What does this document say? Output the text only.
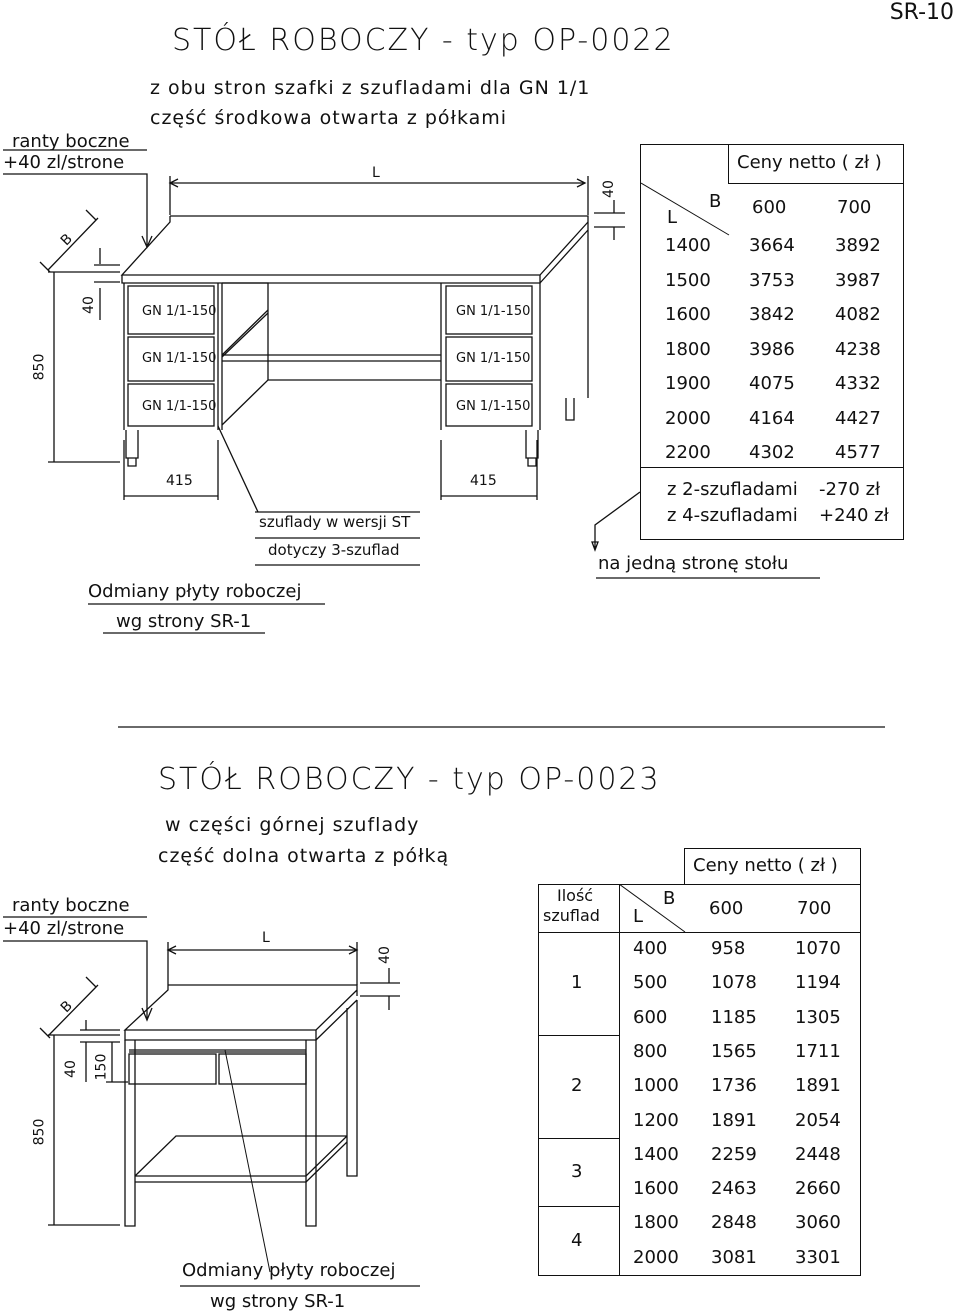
SR-10
STÓŁ ROBOCZY - typ OP-0022
z obu stron szafki z szufladami dla GN 1/1
część środkowa otwarta z półkami
ranty boczne
+40 zl/strone	L
40
B
40
850
GN 1/1-150
GN 1/1-150
GN 1/1-150
GN 1/1-150
GN 1/1-150
GN 1/1-150
415	415
szuflady w wersji ST
dotyczy 3-szuflad
Odmiany płyty roboczej
wg strony SR-1
na jedną stronę stołu
Ceny netto ( zł )
B
L	600	700
1400 3664 3892
1500 3753 3987
1600 3842 4082
1800 3986 4238
1900 4075 4332
2000 4164 4427
2200 4302 4577
z 2-szufladami -270 zł
z 4-szufladami +240 zł
STÓŁ ROBOCZY - typ OP-0023
w części górnej szuflady
część dolna otwarta z półką
ranty boczne
+40 zl/strone	L
40
B
40 150
850
Odmiany płyty roboczej
wg strony SR-1
Ceny netto ( zł )
Ilość
szuflad
B
L	600	700
1
400 958	1070
500 1078 1194
600 1185 1305
2
800 1565 1711
1000 1736 1891
1200 1891 2054
3
1400 2259 2448
1600 2463 2660
4
1800 2848 3060
2000 3081 3301
